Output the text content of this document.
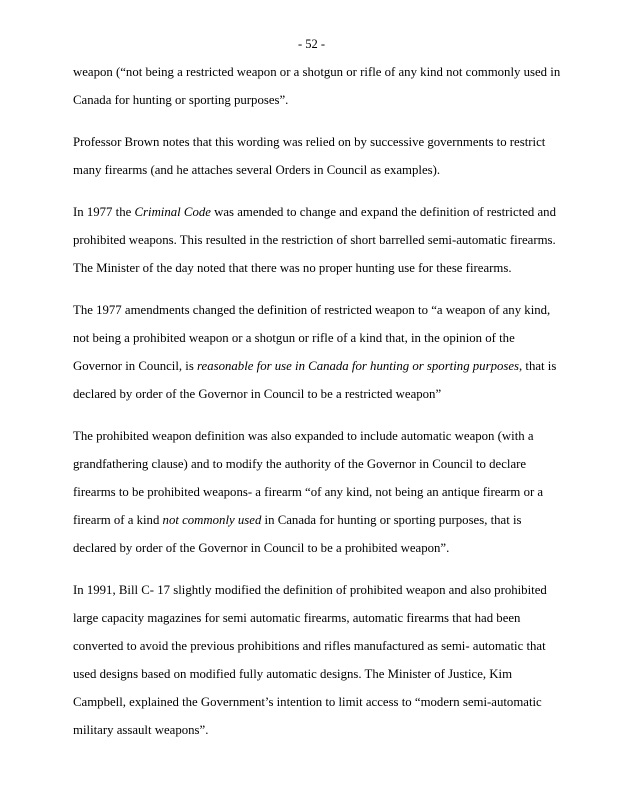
- 52 -

weapon (“not being a restricted weapon or a shotgun or rifle of any kind not commonly used in Canada for hunting or sporting purposes”.

Professor Brown notes that this wording was relied on by successive governments to restrict many firearms (and he attaches several Orders in Council as examples).

In 1977 the Criminal Code was amended to change and expand the definition of restricted and prohibited weapons. This resulted in the restriction of short barrelled semi-automatic firearms. The Minister of the day noted that there was no proper hunting use for these firearms.

The 1977 amendments changed the definition of restricted weapon to “a weapon of any kind, not being a prohibited weapon or a shotgun or rifle of a kind that, in the opinion of the Governor in Council, is reasonable for use in Canada for hunting or sporting purposes, that is declared by order of the Governor in Council to be a restricted weapon”

The prohibited weapon definition was also expanded to include automatic weapon (with a grandfathering clause) and to modify the authority of the Governor in Council to declare firearms to be prohibited weapons- a firearm “of any kind, not being an antique firearm or a firearm of a kind not commonly used in Canada for hunting or sporting purposes, that is declared by order of the Governor in Council to be a prohibited weapon”.

In 1991, Bill C- 17 slightly modified the definition of prohibited weapon and also prohibited large capacity magazines for semi automatic firearms, automatic firearms that had been converted to avoid the previous prohibitions and rifles manufactured as semi- automatic that used designs based on modified fully automatic designs. The Minister of Justice, Kim Campbell, explained the Government’s intention to limit access to “modern semi-automatic military assault weapons”.
